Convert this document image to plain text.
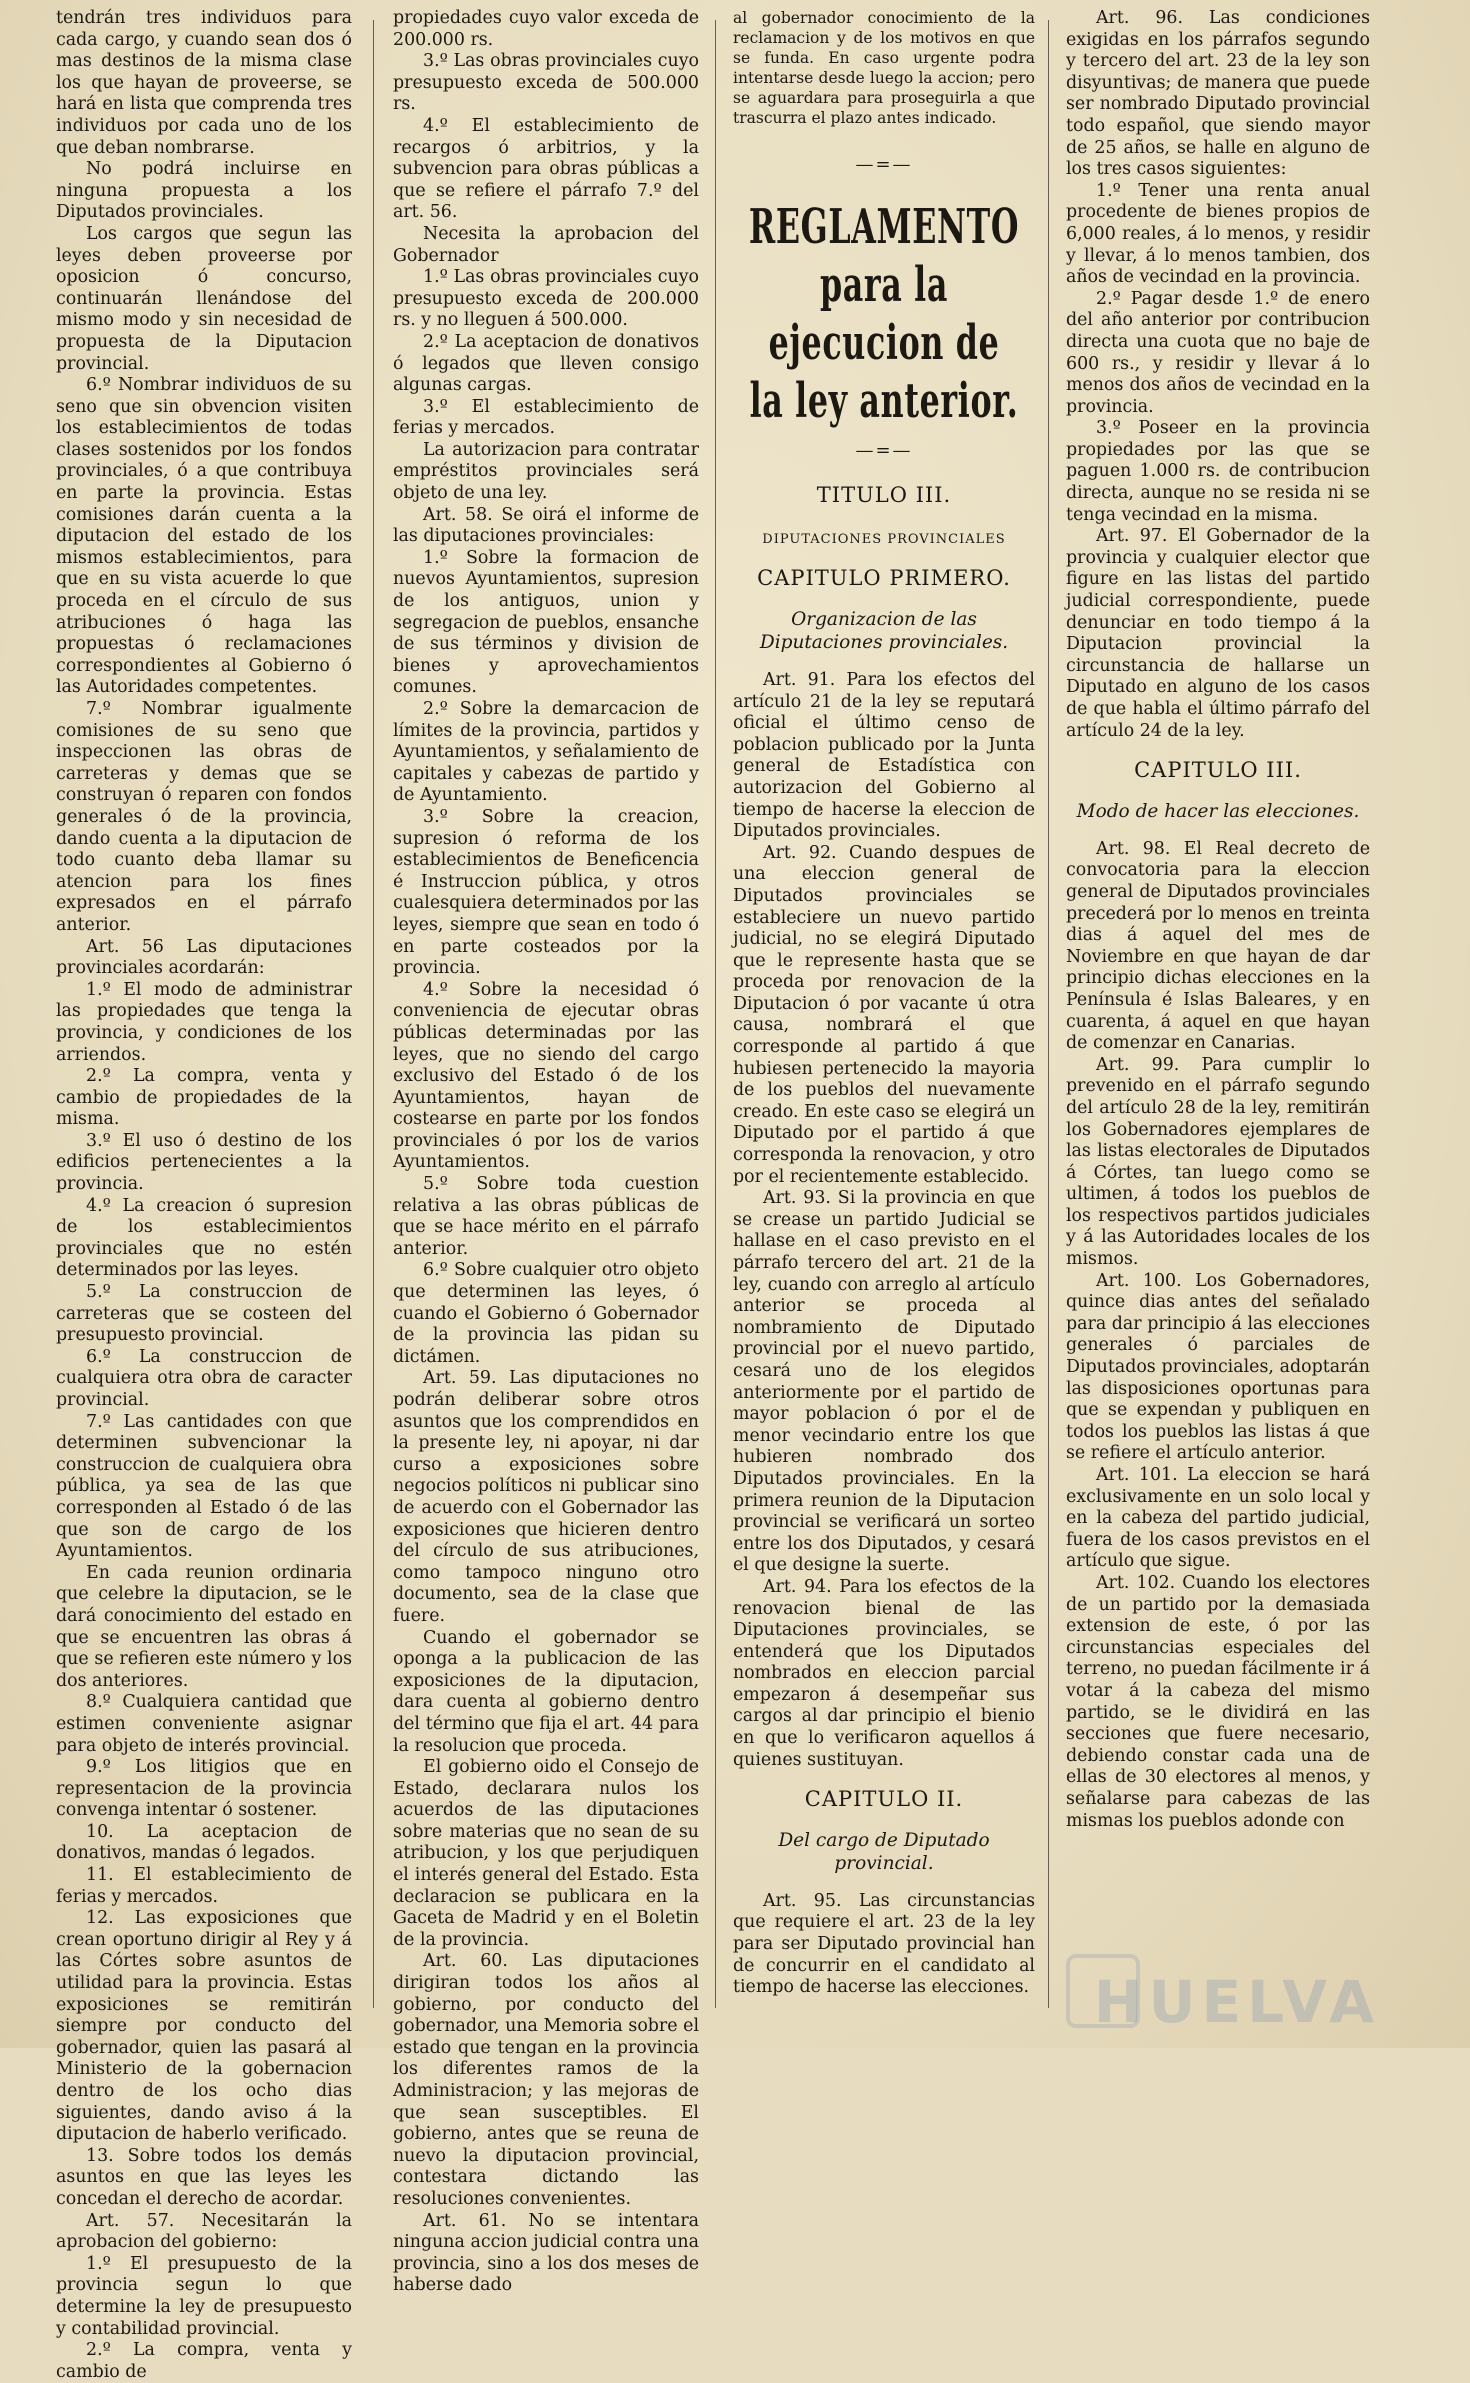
tendrán tres individuos para cada cargo, y cuando sean dos ó mas destinos de la misma clase los que hayan de proveerse, se hará en lista que comprenda tres individuos por cada uno de los que deban nombrarse.

No podrá incluirse en ninguna propuesta a los Diputados provinciales.

Los cargos que segun las leyes deben proveerse por oposicion ó concurso, continuarán llenándose del mismo modo y sin necesidad de propuesta de la Diputacion provincial.

6.º Nombrar individuos de su seno que sin obvencion visiten los establecimientos de todas clases sostenidos por los fondos provinciales, ó a que contribuya en parte la provincia. Estas comisiones darán cuenta a la diputacion del estado de los mismos establecimientos, para que en su vista acuerde lo que proceda en el círculo de sus atribuciones ó haga las propuestas ó reclamaciones correspondientes al Gobierno ó las Autoridades competentes.

7.º Nombrar igualmente comisiones de su seno que inspeccionen las obras de carreteras y demas que se construyan ó reparen con fondos generales ó de la provincia, dando cuenta a la diputacion de todo cuanto deba llamar su atencion para los fines expresados en el párrafo anterior.

Art. 56 Las diputaciones provinciales acordarán:

1.º El modo de administrar las propiedades que tenga la provincia, y condiciones de los arriendos.

2.º La compra, venta y cambio de propiedades de la misma.

3.º El uso ó destino de los edificios pertenecientes a la provincia.

4.º La creacion ó supresion de los establecimientos provinciales que no estén determinados por las leyes.

5.º La construccion de carreteras que se costeen del presupuesto provincial.

6.º La construccion de cualquiera otra obra de caracter provincial.

7.º Las cantidades con que determinen subvencionar la construccion de cualquiera obra pública, ya sea de las que corresponden al Estado ó de las que son de cargo de los Ayuntamientos.

En cada reunion ordinaria que celebre la diputacion, se le dará conocimiento del estado en que se encuentren las obras á que se refieren este número y los dos anteriores.

8.º Cualquiera cantidad que estimen conveniente asignar para objeto de interés provincial.

9.º Los litigios que en representacion de la provincia convenga intentar ó sostener.

10. La aceptacion de donativos, mandas ó legados.

11. El establecimiento de ferias y mercados.

12. Las exposiciones que crean oportuno dirigir al Rey y á las Córtes sobre asuntos de utilidad para la provincia. Estas exposiciones se remitirán siempre por conducto del gobernador, quien las pasará al Ministerio de la gobernacion dentro de los ocho dias siguientes, dando aviso á la diputacion de haberlo verificado.

13. Sobre todos los demás asuntos en que las leyes les concedan el derecho de acordar.

Art. 57. Necesitarán la aprobacion del gobierno:

1.º El presupuesto de la provincia segun lo que determine la ley de presupuesto y contabilidad provincial.

2.º La compra, venta y cambio de

propiedades cuyo valor exceda de 200.000 rs.

3.º Las obras provinciales cuyo presupuesto exceda de 500.000 rs.

4.º El establecimiento de recargos ó arbitrios, y la subvencion para obras públicas a que se refiere el párrafo 7.º del art. 56.

Necesita la aprobacion del Gobernador

1.º Las obras provinciales cuyo presupuesto exceda de 200.000 rs. y no lleguen á 500.000.

2.º La aceptacion de donativos ó legados que lleven consigo algunas cargas.

3.º El establecimiento de ferias y mercados.

La autorizacion para contratar empréstitos provinciales será objeto de una ley.

Art. 58. Se oirá el informe de las diputaciones provinciales:

1.º Sobre la formacion de nuevos Ayuntamientos, supresion de los antiguos, union y segregacion de pueblos, ensanche de sus términos y division de bienes y aprovechamientos comunes.

2.º Sobre la demarcacion de límites de la provincia, partidos y Ayuntamientos, y señalamiento de capitales y cabezas de partido y de Ayuntamiento.

3.º Sobre la creacion, supresion ó reforma de los establecimientos de Beneficencia é Instruccion pública, y otros cualesquiera determinados por las leyes, siempre que sean en todo ó en parte costeados por la provincia.

4.º Sobre la necesidad ó conveniencia de ejecutar obras públicas determinadas por las leyes, que no siendo del cargo exclusivo del Estado ó de los Ayuntamientos, hayan de costearse en parte por los fondos provinciales ó por los de varios Ayuntamientos.

5.º Sobre toda cuestion relativa a las obras públicas de que se hace mérito en el párrafo anterior.

6.º Sobre cualquier otro objeto que determinen las leyes, ó cuando el Gobierno ó Gobernador de la provincia las pidan su dictámen.

Art. 59. Las diputaciones no podrán deliberar sobre otros asuntos que los comprendidos en la presente ley, ni apoyar, ni dar curso a exposiciones sobre negocios políticos ni publicar sino de acuerdo con el Gobernador las exposiciones que hicieren dentro del círculo de sus atribuciones, como tampoco ninguno otro documento, sea de la clase que fuere.

Cuando el gobernador se oponga a la publicacion de las exposiciones de la diputacion, dara cuenta al gobierno dentro del término que fija el art. 44 para la resolucion que proceda.

El gobierno oido el Consejo de Estado, declarara nulos los acuerdos de las diputaciones sobre materias que no sean de su atribucion, y los que perjudiquen el interés general del Estado. Esta declaracion se publicara en la Gaceta de Madrid y en el Boletin de la provincia.

Art. 60. Las diputaciones dirigiran todos los años al gobierno, por conducto del gobernador, una Memoria sobre el estado que tengan en la provincia los diferentes ramos de la Administracion; y las mejoras de que sean susceptibles. El gobierno, antes que se reuna de nuevo la diputacion provincial, contestara dictando las resoluciones convenientes.

Art. 61. No se intentara ninguna accion judicial contra una provincia, sino a los dos meses de haberse dado

al gobernador conocimiento de la reclamacion y de los motivos en que se funda. En caso urgente podra intentarse desde luego la accion; pero se aguardara para proseguirla a que trascurra el plazo antes indicado.

—=—
REGLAMENTO
para la ejecucion de
la ley anterior.
—=—
TITULO III.
DIPUTACIONES PROVINCIALES
CAPITULO PRIMERO.
Organizacion de las Diputaciones provinciales.

Art. 91. Para los efectos del artículo 21 de la ley se reputará oficial el último censo de poblacion publicado por la Junta general de Estadística con autorizacion del Gobierno al tiempo de hacerse la eleccion de Diputados provinciales.

Art. 92. Cuando despues de una eleccion general de Diputados provinciales se estableciere un nuevo partido judicial, no se elegirá Diputado que le represente hasta que se proceda por renovacion de la Diputacion ó por vacante ú otra causa, nombrará el que corresponde al partido á que hubiesen pertenecido la mayoria de los pueblos del nuevamente creado. En este caso se elegirá un Diputado por el partido á que corresponda la renovacion, y otro por el recientemente establecido.

Art. 93. Si la provincia en que se crease un partido Judicial se hallase en el caso previsto en el párrafo tercero del art. 21 de la ley, cuando con arreglo al artículo anterior se proceda al nombramiento de Diputado provincial por el nuevo partido, cesará uno de los elegidos anteriormente por el partido de mayor poblacion ó por el de menor vecindario entre los que hubieren nombrado dos Diputados provinciales. En la primera reunion de la Diputacion provincial se verificará un sorteo entre los dos Diputados, y cesará el que designe la suerte.

Art. 94. Para los efectos de la renovacion bienal de las Diputaciones provinciales, se entenderá que los Diputados nombrados en eleccion parcial empezaron á desempeñar sus cargos al dar principio el bienio en que lo verificaron aquellos á quienes sustituyan.

CAPITULO II.
Del cargo de Diputado provincial.

Art. 95. Las circunstancias que requiere el art. 23 de la ley para ser Diputado provincial han de concurrir en el candidato al tiempo de hacerse las elecciones.

Art. 96. Las condiciones exigidas en los párrafos segundo y tercero del art. 23 de la ley son disyuntivas; de manera que puede ser nombrado Diputado provincial todo español, que siendo mayor de 25 años, se halle en alguno de los tres casos siguientes:

1.º Tener una renta anual procedente de bienes propios de 6,000 reales, á lo menos, y residir y llevar, á lo menos tambien, dos años de vecindad en la provincia.

2.º Pagar desde 1.º de enero del año anterior por contribucion directa una cuota que no baje de 600 rs., y residir y llevar á lo menos dos años de vecindad en la provincia.

3.º Poseer en la provincia propiedades por las que se paguen 1.000 rs. de contribucion directa, aunque no se resida ni se tenga vecindad en la misma.

Art. 97. El Gobernador de la provincia y cualquier elector que figure en las listas del partido judicial correspondiente, puede denunciar en todo tiempo á la Diputacion provincial la circunstancia de hallarse un Diputado en alguno de los casos de que habla el último párrafo del artículo 24 de la ley.

CAPITULO III.
Modo de hacer las elecciones.

Art. 98. El Real decreto de convocatoria para la eleccion general de Diputados provinciales precederá por lo menos en treinta dias á aquel del mes de Noviembre en que hayan de dar principio dichas elecciones en la Península é Islas Baleares, y en cuarenta, á aquel en que hayan de comenzar en Canarias.

Art. 99. Para cumplir lo prevenido en el párrafo segundo del artículo 28 de la ley, remitirán los Gobernadores ejemplares de las listas electorales de Diputados á Córtes, tan luego como se ultimen, á todos los pueblos de los respectivos partidos judiciales y á las Autoridades locales de los mismos.

Art. 100. Los Gobernadores, quince dias antes del señalado para dar principio á las elecciones generales ó parciales de Diputados provinciales, adoptarán las disposiciones oportunas para que se expendan y publiquen en todos los pueblos las listas á que se refiere el artículo anterior.

Art. 101. La eleccion se hará exclusivamente en un solo local y en la cabeza del partido judicial, fuera de los casos previstos en el artículo que sigue.

Art. 102. Cuando los electores de un partido por la demasiada extension de este, ó por las circunstancias especiales del terreno, no puedan fácilmente ir á votar á la cabeza del mismo partido, se le dividirá en las secciones que fuere necesario, debiendo constar cada una de ellas de 30 electores al menos, y señalarse para cabezas de las mismas los pueblos adonde con

HUELVA
